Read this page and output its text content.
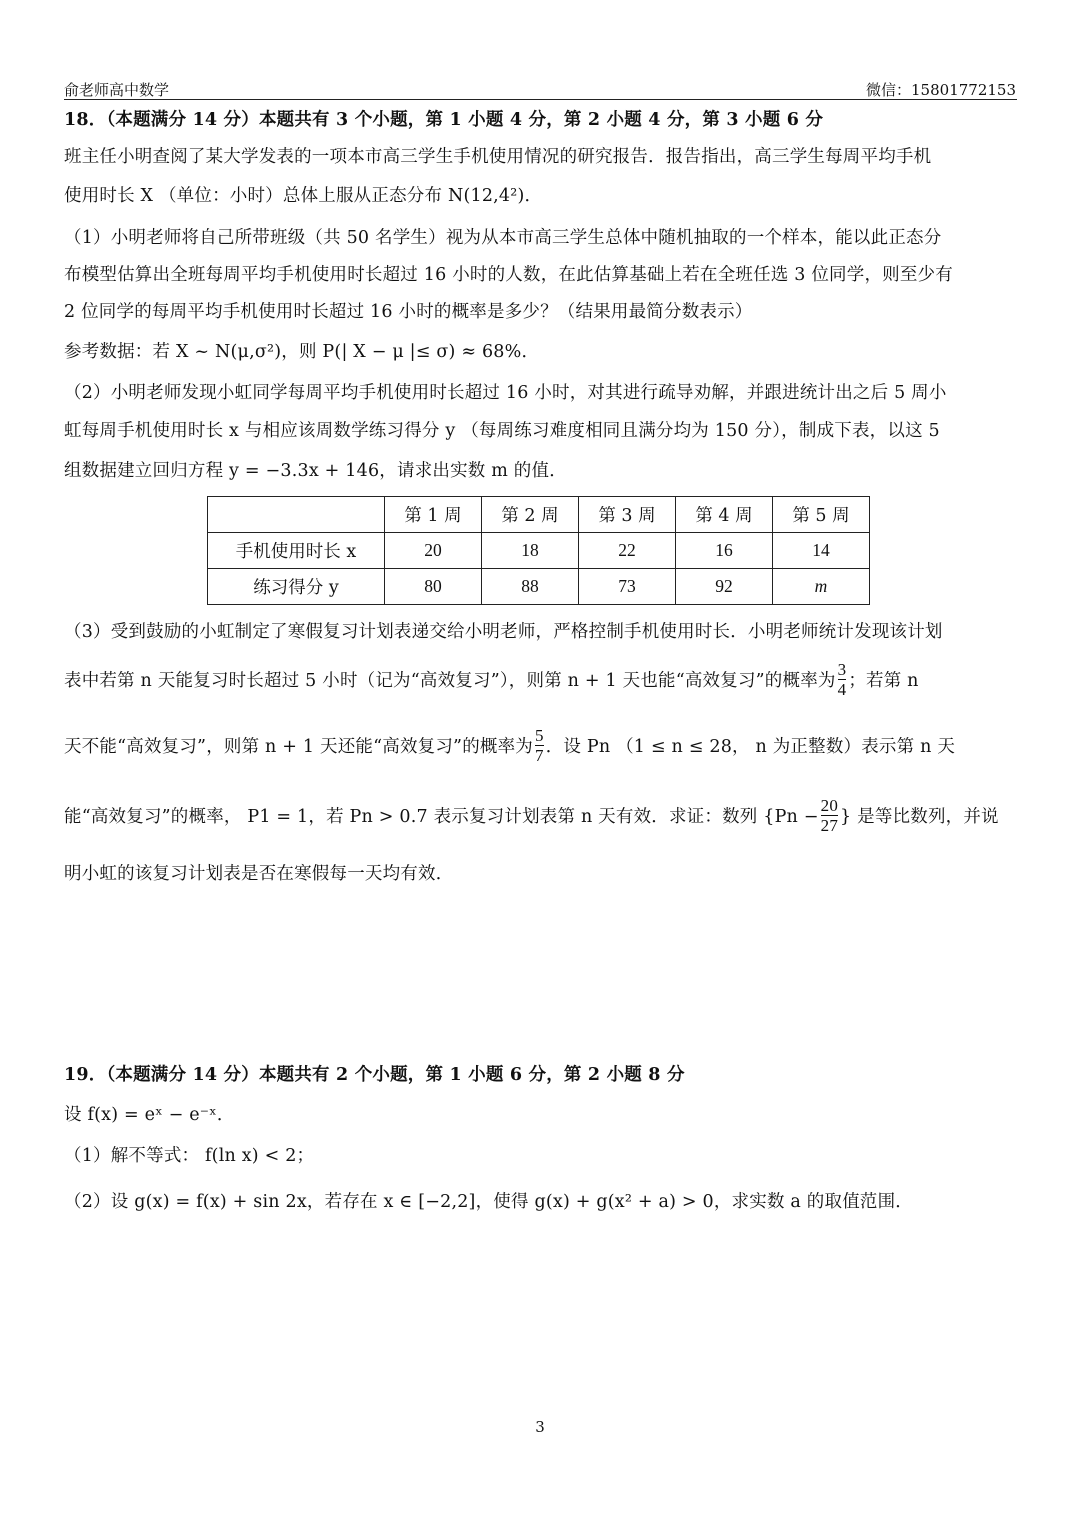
俞老师高中数学	微信：15801772153
18．（本题满分 14 分）本题共有 3 个小题，第 1 小题 4 分，第 2 小题 4 分，第 3 小题 6 分
班主任小明查阅了某大学发表的一项本市高三学生手机使用情况的研究报告．报告指出，高三学生每周平均手机
使用时长 X （单位：小时）总体上服从正态分布 N(12,4²)．
（1）小明老师将自己所带班级（共 50 名学生）视为从本市高三学生总体中随机抽取的一个样本，能以此正态分
布模型估算出全班每周平均手机使用时长超过 16 小时的人数，在此估算基础上若在全班任选 3 位同学，则至少有
2 位同学的每周平均手机使用时长超过 16 小时的概率是多少？（结果用最简分数表示）
参考数据：若 X ~ N(μ,σ²)，则 P(| X − μ |≤ σ) ≈ 68%．
（2）小明老师发现小虹同学每周平均手机使用时长超过 16 小时，对其进行疏导劝解，并跟进统计出之后 5 周小
虹每周手机使用时长 x 与相应该周数学练习得分 y （每周练习难度相同且满分均为 150 分），制成下表，以这 5
组数据建立回归方程 y = −3.3x + 146，请求出实数 m 的值．
	第 1 周	第 2 周	第 3 周	第 4 周	第 5 周
手机使用时长 x	20	18	22	16	14
练习得分 y	80	88	73	92	m
（3）受到鼓励的小虹制定了寒假复习计划表递交给小明老师，严格控制手机使用时长．小明老师统计发现该计划
表中若第 n 天能复习时长超过 5 小时（记为“高效复习”），则第 n + 1 天也能“高效复习”的概率为 $\frac{3}{4}$ ；若第 n
天不能“高效复习”，则第 n + 1 天还能“高效复习”的概率为 $\frac{5}{7}$ ．设 Pn （1 ≤ n ≤ 28， n 为正整数）表示第 n 天
能“高效复习”的概率， P1 = 1，若 Pn > 0.7 表示复习计划表第 n 天有效．求证：数列 {$Pn - \frac{20}{27}$ } 是等比数列，并说
明小虹的该复习计划表是否在寒假每一天均有效．
19．（本题满分 14 分）本题共有 2 个小题，第 1 小题 6 分，第 2 小题 8 分
设 f(x) = eˣ − e⁻ˣ．
（1）解不等式： f(ln x) < 2；
（2）设 g(x) = f(x) + sin 2x，若存在 x ∈ [−2,2]，使得 g(x) + g(x² + a) > 0，求实数 a 的取值范围．
3
